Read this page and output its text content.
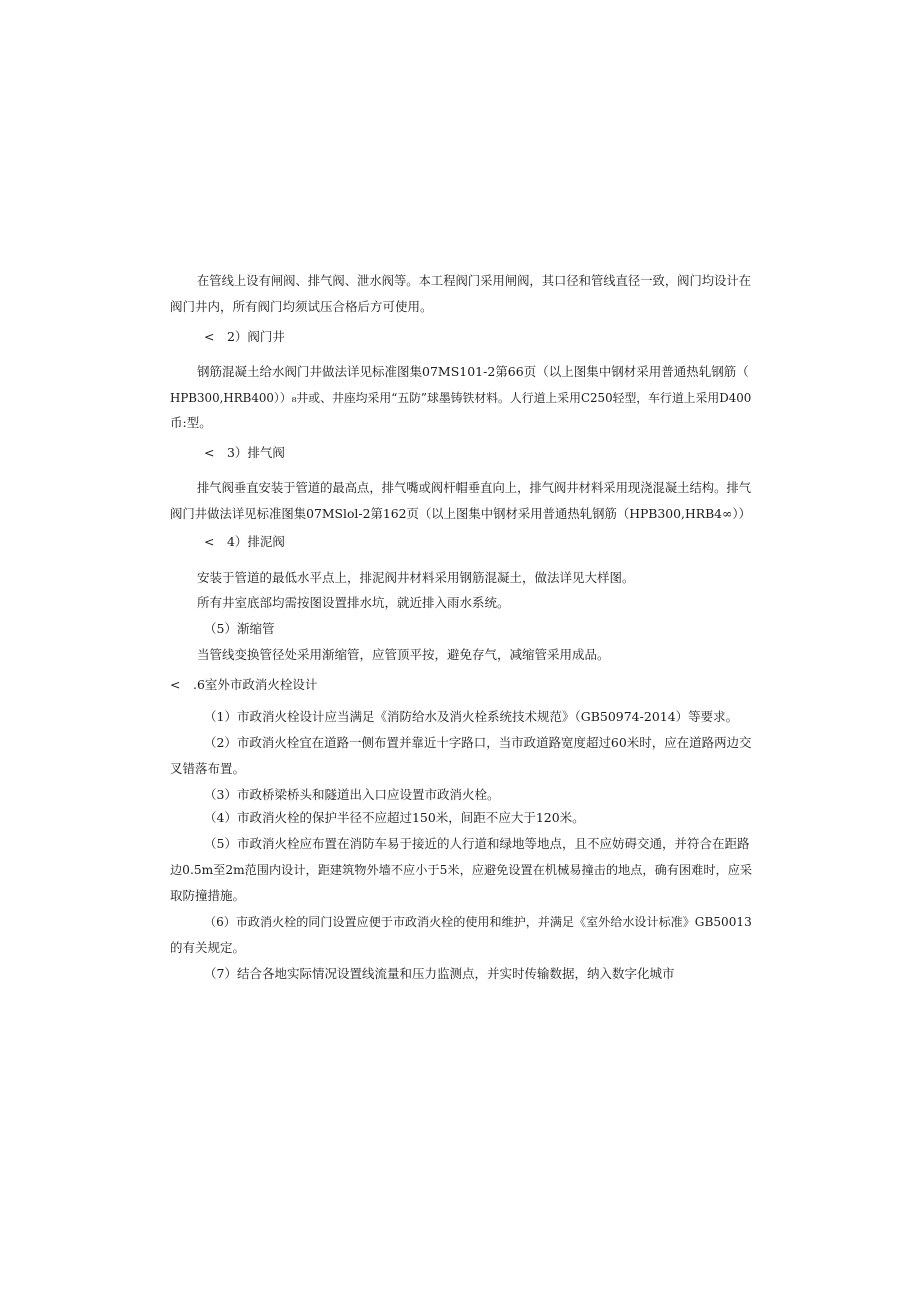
在管线上设有闸阀、排气阀、泄水阀等。本工程阀门采用闸阀，其口径和管线直径一致，阀门均设计在
阀门井内，所有阀门均须试压合格后方可使用。
<　2）阀门井
钢筋混凝土给水阀门井做法详见标准图集07MS101-2第66页（以上图集中钢材采用普通热轧钢筋（
HPB300,HRB400））₈井或、井座均采用“五防”球墨铸铁材料。人行道上采用C250轻型，车行道上采用D400
币:型。
<　3）排气阀
排气阀垂直安装于管道的最高点，排气嘴或阀杆帽垂直向上，排气阀井材料采用现浇混凝土结构。排气
阀门井做法详见标准图集07MSlol-2第162页（以上图集中钢材采用普通热轧钢筋（HPB300,HRB4∞））
<　4）排泥阀
安装于管道的最低水平点上，排泥阀井材料采用钢筋混凝土，做法详见大样图。
所有井室底部均需按图设置排水坑，就近排入雨水系统。
（5）渐缩管
当管线变换管径处采用渐缩管，应管顶平按，避免存气，减缩管采用成品。
<　.6室外市政消火栓设计
（1）市政消火栓设计应当满足《消防给水及消火栓系统技术规范》（GB50974-2014）等要求。
（2）市政消火栓宜在道路一侧布置并靠近十字路口，当市政道路宽度超过60米时，应在道路两边交
叉错落布置。
（3）市政桥梁桥头和隧道出入口应设置市政消火栓。
（4）市政消火栓的保护半径不应超过150米，间距不应大于120米。
（5）市政消火栓应布置在消防车易于接近的人行道和绿地等地点，且不应妨碍交通，并符合在距路
边0.5m至2m范围内设计，距建筑物外墙不应小于5米，应避免设置在机械易撞击的地点，确有困难时，应采
取防撞措施。
（6）市政消火栓的同门设置应便于市政消火栓的使用和维护，并满足《室外给水设计标准》GB50013
的有关规定。
（7）结合各地实际情况设置线流量和压力监测点，并实时传输数据，纳入数字化城市
